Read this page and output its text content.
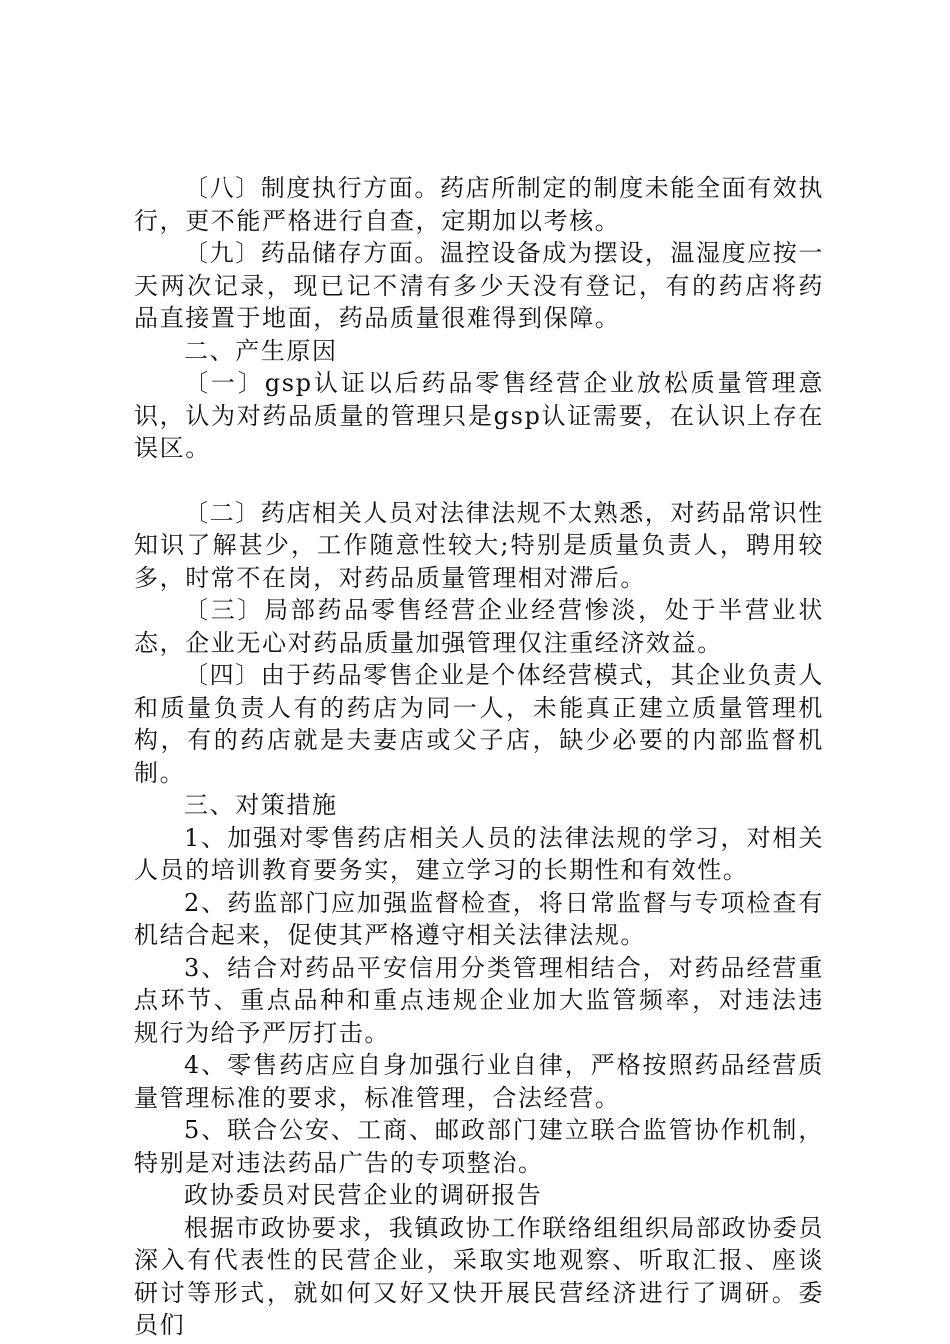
〔八〕制度执行方面。药店所制定的制度未能全面有效执行，更不能严格进行自查，定期加以考核。

〔九〕药品储存方面。温控设备成为摆设，温湿度应按一天两次记录，现已记不清有多少天没有登记，有的药店将药品直接置于地面，药品质量很难得到保障。

二、产生原因

〔一〕gsp认证以后药品零售经营企业放松质量管理意识，认为对药品质量的管理只是gsp认证需要，在认识上存在误区。

〔二〕药店相关人员对法律法规不太熟悉，对药品常识性知识了解甚少，工作随意性较大;特别是质量负责人，聘用较多，时常不在岗，对药品质量管理相对滞后。

〔三〕局部药品零售经营企业经营惨淡，处于半营业状态，企业无心对药品质量加强管理仅注重经济效益。

〔四〕由于药品零售企业是个体经营模式，其企业负责人和质量负责人有的药店为同一人，未能真正建立质量管理机构，有的药店就是夫妻店或父子店，缺少必要的内部监督机制。

三、对策措施

1、加强对零售药店相关人员的法律法规的学习，对相关人员的培训教育要务实，建立学习的长期性和有效性。

2、药监部门应加强监督检查，将日常监督与专项检查有机结合起来，促使其严格遵守相关法律法规。

3、结合对药品平安信用分类管理相结合，对药品经营重点环节、重点品种和重点违规企业加大监管频率，对违法违规行为给予严厉打击。

4、零售药店应自身加强行业自律，严格按照药品经营质量管理标准的要求，标准管理，合法经营。

5、联合公安、工商、邮政部门建立联合监管协作机制，特别是对违法药品广告的专项整治。

政协委员对民营企业的调研报告

根据市政协要求，我镇政协工作联络组组织局部政协委员深入有代表性的民营企业，采取实地观察、听取汇报、座谈研讨等形式，就如何又好又快开展民营经济进行了调研。委员们
